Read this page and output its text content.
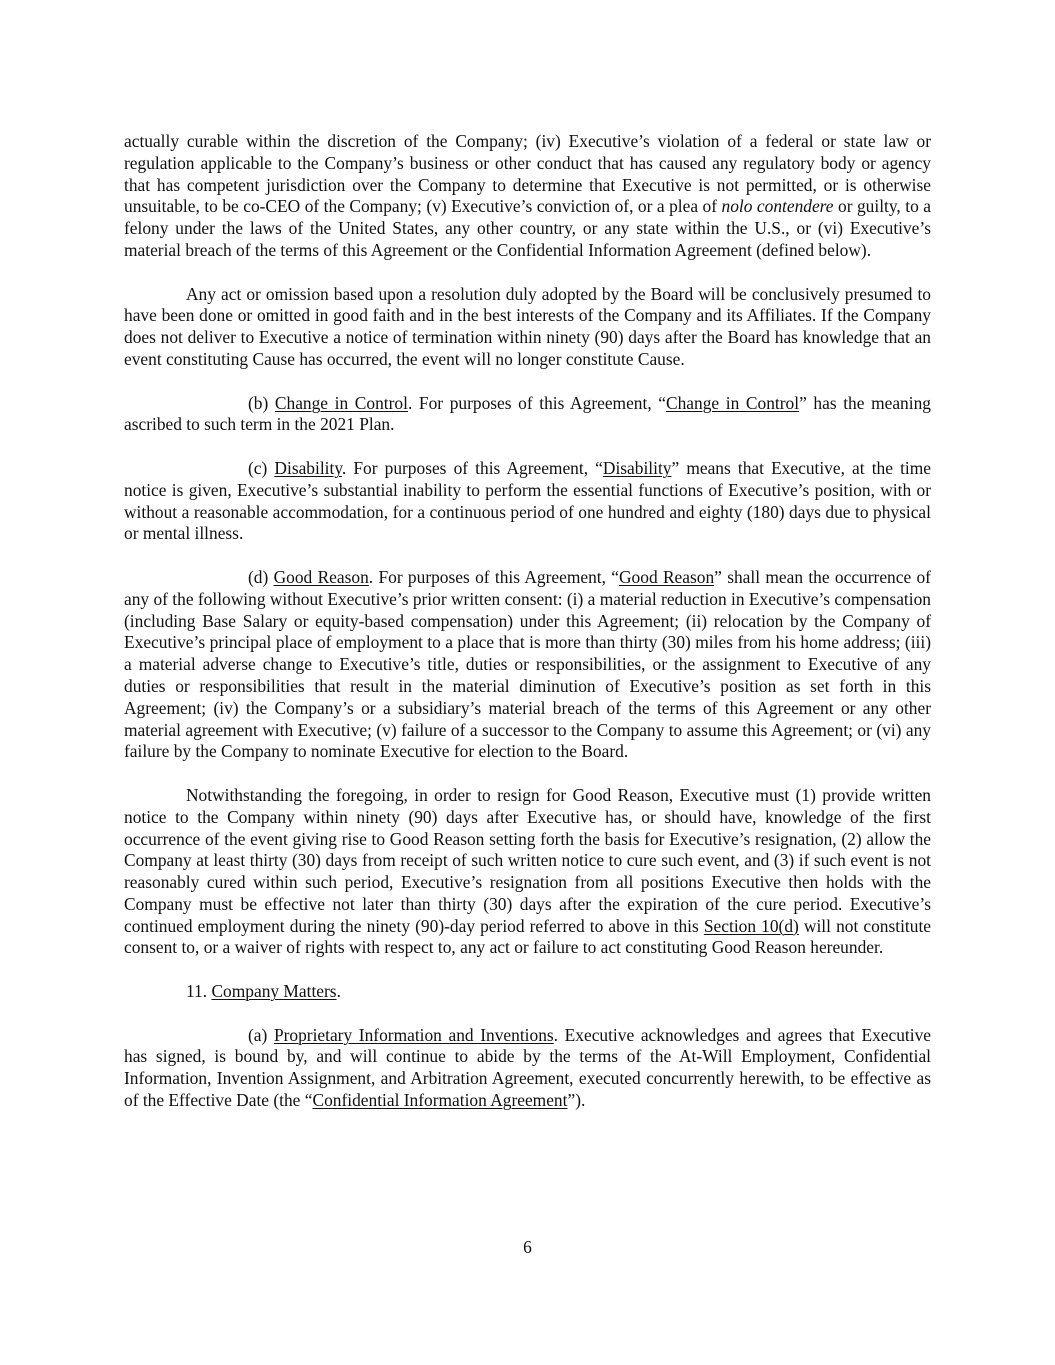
actually curable within the discretion of the Company; (iv) Executive’s violation of a federal or state law or regulation applicable to the Company’s business or other conduct that has caused any regulatory body or agency that has competent jurisdiction over the Company to determine that Executive is not permitted, or is otherwise unsuitable, to be co-CEO of the Company; (v) Executive’s conviction of, or a plea of nolo contendere or guilty, to a felony under the laws of the United States, any other country, or any state within the U.S., or (vi) Executive’s material breach of the terms of this Agreement or the Confidential Information Agreement (defined below).

Any act or omission based upon a resolution duly adopted by the Board will be conclusively presumed to have been done or omitted in good faith and in the best interests of the Company and its Affiliates. If the Company does not deliver to Executive a notice of termination within ninety (90) days after the Board has knowledge that an event constituting Cause has occurred, the event will no longer constitute Cause.

(b) Change in Control. For purposes of this Agreement, “Change in Control” has the meaning ascribed to such term in the 2021 Plan.

(c) Disability. For purposes of this Agreement, “Disability” means that Executive, at the time notice is given, Executive’s substantial inability to perform the essential functions of Executive’s position, with or without a reasonable accommodation, for a continuous period of one hundred and eighty (180) days due to physical or mental illness.

(d) Good Reason. For purposes of this Agreement, “Good Reason” shall mean the occurrence of any of the following without Executive’s prior written consent: (i) a material reduction in Executive’s compensation (including Base Salary or equity-based compensation) under this Agreement; (ii) relocation by the Company of Executive’s principal place of employment to a place that is more than thirty (30) miles from his home address; (iii) a material adverse change to Executive’s title, duties or responsibilities, or the assignment to Executive of any duties or responsibilities that result in the material diminution of Executive’s position as set forth in this Agreement; (iv) the Company’s or a subsidiary’s material breach of the terms of this Agreement or any other material agreement with Executive; (v) failure of a successor to the Company to assume this Agreement; or (vi) any failure by the Company to nominate Executive for election to the Board.

Notwithstanding the foregoing, in order to resign for Good Reason, Executive must (1) provide written notice to the Company within ninety (90) days after Executive has, or should have, knowledge of the first occurrence of the event giving rise to Good Reason setting forth the basis for Executive’s resignation, (2) allow the Company at least thirty (30) days from receipt of such written notice to cure such event, and (3) if such event is not reasonably cured within such period, Executive’s resignation from all positions Executive then holds with the Company must be effective not later than thirty (30) days after the expiration of the cure period. Executive’s continued employment during the ninety (90)-day period referred to above in this Section 10(d) will not constitute consent to, or a waiver of rights with respect to, any act or failure to act constituting Good Reason hereunder.

11. Company Matters.

(a) Proprietary Information and Inventions. Executive acknowledges and agrees that Executive has signed, is bound by, and will continue to abide by the terms of the At-Will Employment, Confidential Information, Invention Assignment, and Arbitration Agreement, executed concurrently herewith, to be effective as of the Effective Date (the “Confidential Information Agreement”).

6
